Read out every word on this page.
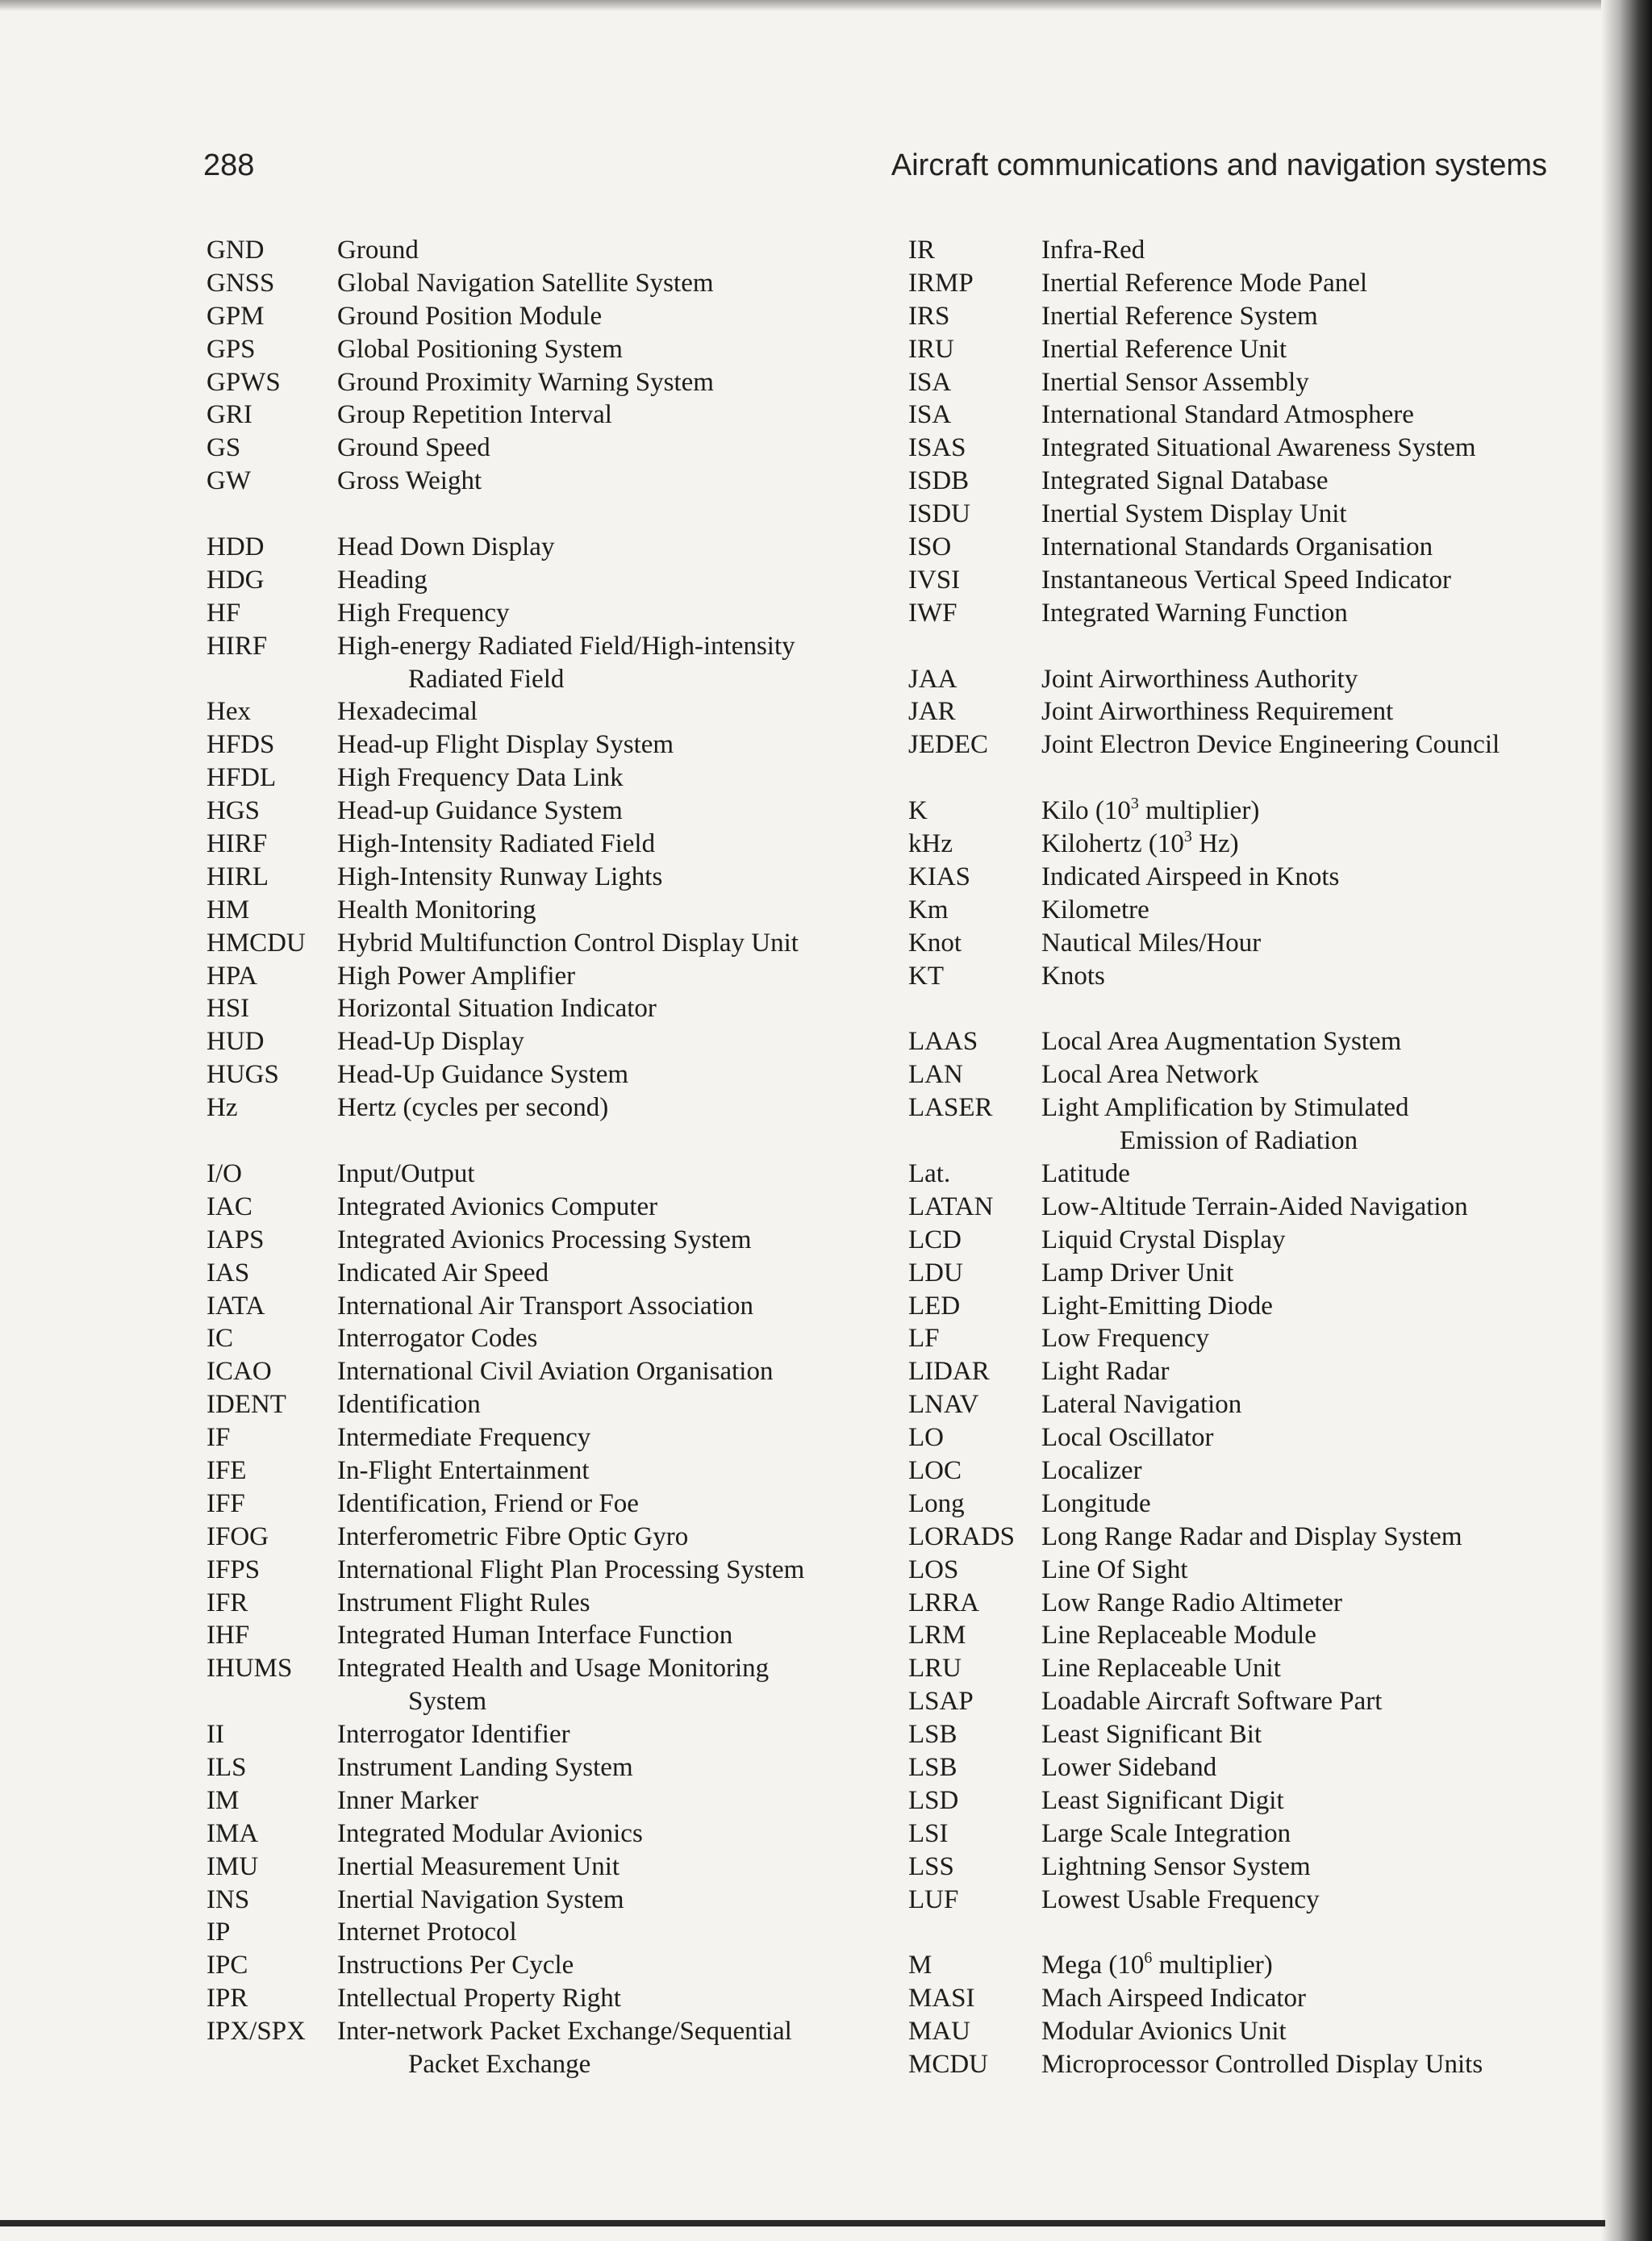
288	Aircraft communications and navigation systems
GND	Ground
GNSS Global Navigation Satellite System
GPM	Ground Position Module
GPS	Global Positioning System
GPWS Ground Proximity Warning System
GRI	Group Repetition Interval
GS	Ground Speed
GW	Gross Weight
HDD	Head Down Display
HDG	Heading
HF	High Frequency
HIRF	High-energy Radiated Field/High-intensity
Radiated Field
Hex	Hexadecimal
HFDS Head-up Flight Display System
HFDL High Frequency Data Link
HGS	Head-up Guidance System
HIRF	High-Intensity Radiated Field
HIRL	High-Intensity Runway Lights
HM	Health Monitoring
HMCDU Hybrid Multifunction Control Display Unit
HPA	High Power Amplifier
HSI	Horizontal Situation Indicator
HUD	Head-Up Display
HUGS Head-Up Guidance System
Hz	Hertz (cycles per second)
I/O	Input/Output
IAC	Integrated Avionics Computer
IAPS	Integrated Avionics Processing System
IAS	Indicated Air Speed
IATA	International Air Transport Association
IC	Interrogator Codes
ICAO International Civil Aviation Organisation
IDENT Identification
IF	Intermediate Frequency
IFE	In-Flight Entertainment
IFF	Identification, Friend or Foe
IFOG	Interferometric Fibre Optic Gyro
IFPS	International Flight Plan Processing System
IFR	Instrument Flight Rules
IHF	Integrated Human Interface Function
IHUMS Integrated Health and Usage Monitoring
System
II	Interrogator Identifier
ILS	Instrument Landing System
IM	Inner Marker
IMA	Integrated Modular Avionics
IMU	Inertial Measurement Unit
INS	Inertial Navigation System
IP	Internet Protocol
IPC	Instructions Per Cycle
IPR	Intellectual Property Right
IPX/SPX Inter-network Packet Exchange/Sequential
Packet Exchange
IR	Infra-Red
IRMP	Inertial Reference Mode Panel
IRS	Inertial Reference System
IRU	Inertial Reference Unit
ISA	Inertial Sensor Assembly
ISA	International Standard Atmosphere
ISAS	Integrated Situational Awareness System
ISDB	Integrated Signal Database
ISDU	Inertial System Display Unit
ISO	International Standards Organisation
IVSI	Instantaneous Vertical Speed Indicator
IWF	Integrated Warning Function
JAA	Joint Airworthiness Authority
JAR	Joint Airworthiness Requirement
JEDEC Joint Electron Device Engineering Council
K	Kilo ($10^3$ multiplier)
kHz	Kilohertz ($10^3$ Hz)
KIAS	Indicated Airspeed in Knots
Km	Kilometre
Knot	Nautical Miles/Hour
KT	Knots
LAAS Local Area Augmentation System
LAN	Local Area Network
LASER Light Amplification by Stimulated
Emission of Radiation
Lat.	Latitude
LATAN Low-Altitude Terrain-Aided Navigation
LCD	Liquid Crystal Display
LDU	Lamp Driver Unit
LED	Light-Emitting Diode
LF	Low Frequency
LIDAR Light Radar
LNAV Lateral Navigation
LO	Local Oscillator
LOC	Localizer
Long	Longitude
LORADS Long Range Radar and Display System
LOS	Line Of Sight
LRRA Low Range Radio Altimeter
LRM	Line Replaceable Module
LRU	Line Replaceable Unit
LSAP	Loadable Aircraft Software Part
LSB	Least Significant Bit
LSB	Lower Sideband
LSD	Least Significant Digit
LSI	Large Scale Integration
LSS	Lightning Sensor System
LUF	Lowest Usable Frequency
M	Mega ($10^6$ multiplier)
MASI Mach Airspeed Indicator
MAU	Modular Avionics Unit
MCDU Microprocessor Controlled Display Units
